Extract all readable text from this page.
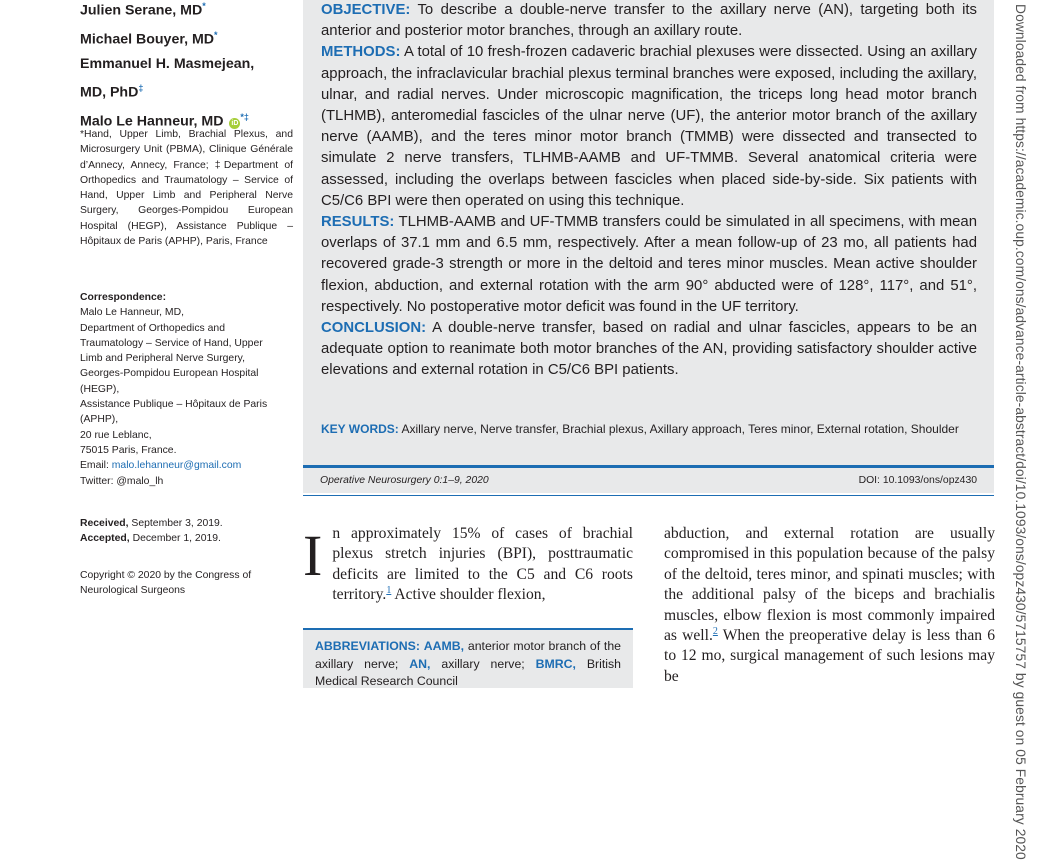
Julien Serane, MD*
Michael Bouyer, MD*
Emmanuel H. Masmejean,
MD, PhD‡
Malo Le Hanneur, MD iD*‡
*Hand, Upper Limb, Brachial Plexus, and Microsurgery Unit (PBMA), Clinique Générale d’Annecy, Annecy, France; ‡Department of Orthopedics and Traumatology – Service of Hand, Upper Limb and Peripheral Nerve Surgery, Georges-Pompidou European Hospital (HEGP), Assistance Publique – Hôpitaux de Paris (APHP), Paris, France
Correspondence:
Malo Le Hanneur, MD,
Department of Orthopedics and
Traumatology – Service of Hand, Upper
Limb and Peripheral Nerve Surgery,
Georges-Pompidou European Hospital
(HEGP),
Assistance Publique – Hôpitaux de Paris
(APHP),
20 rue Leblanc,
75015 Paris, France.
Email: malo.lehanneur@gmail.com
Twitter: @malo_lh
Received, September 3, 2019.
Accepted, December 1, 2019.
Copyright © 2020 by the Congress of Neurological Surgeons

OBJECTIVE: To describe a double-nerve transfer to the axillary nerve (AN), targeting both its anterior and posterior motor branches, through an axillary route.

METHODS: A total of 10 fresh-frozen cadaveric brachial plexuses were dissected. Using an axillary approach, the infraclavicular brachial plexus terminal branches were exposed, including the axillary, ulnar, and radial nerves. Under microscopic magnification, the triceps long head motor branch (TLHMB), anteromedial fascicles of the ulnar nerve (UF), the anterior motor branch of the axillary nerve (AAMB), and the teres minor motor branch (TMMB) were dissected and transected to simulate 2 nerve transfers, TLHMB-AAMB and UF-TMMB. Several anatomical criteria were assessed, including the overlaps between fascicles when placed side-by-side. Six patients with C5/C6 BPI were then operated on using this technique.

RESULTS: TLHMB-AAMB and UF-TMMB transfers could be simulated in all specimens, with mean overlaps of 37.1 mm and 6.5 mm, respectively. After a mean follow-up of 23 mo, all patients had recovered grade-3 strength or more in the deltoid and teres minor muscles. Mean active shoulder flexion, abduction, and external rotation with the arm 90° abducted were of 128°, 117°, and 51°, respectively. No postoperative motor deficit was found in the UF territory.

CONCLUSION: A double-nerve transfer, based on radial and ulnar fascicles, appears to be an adequate option to reanimate both motor branches of the AN, providing satisfactory shoulder active elevations and external rotation in C5/C6 BPI patients.

KEY WORDS: Axillary nerve, Nerve transfer, Brachial plexus, Axillary approach, Teres minor, External rotation, Shoulder
Operative Neurosurgery 0:1–9, 2020	DOI: 10.1093/ons/opz430
In approximately 15% of cases of brachial plexus stretch injuries (BPI), posttraumatic deficits are limited to the C5 and C6 roots territory.$^1$ Active shoulder flexion,
abduction, and external rotation are usually compromised in this population because of the palsy of the deltoid, teres minor, and spinati muscles; with the additional palsy of the biceps and brachialis muscles, elbow flexion is most commonly impaired as well.$^2$ When the preoperative delay is less than 6 to 12 mo, surgical management of such lesions may be
ABBREVIATIONS: AAMB, anterior motor branch of the axillary nerve; AN, axillary nerve; BMRC, British Medical Research Council	Downloaded from https://academic.oup.com/ons/advance-article-abstract/doi/10.1093/ons/opz430/5715757 by guest on 05 February 2020
